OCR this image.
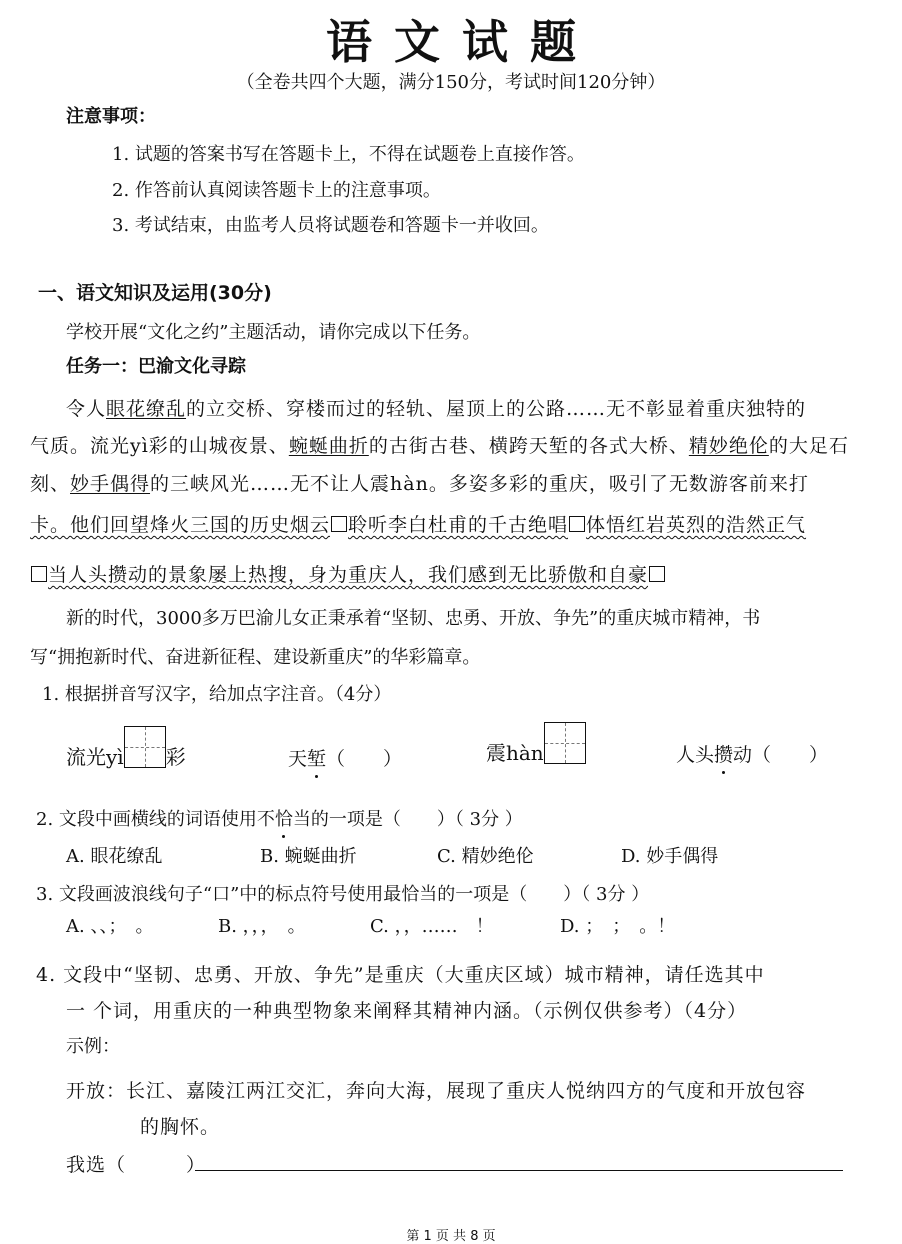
语文试题
（全卷共四个大题，满分150分，考试时间120分钟）
注意事项：
1. 试题的答案书写在答题卡上，不得在试题卷上直接作答。
2. 作答前认真阅读答题卡上的注意事项。
3. 考试结束，由监考人员将试题卷和答题卡一并收回。
一、语文知识及运用(30分)
学校开展“文化之约”主题活动，请你完成以下任务。
任务一：巴渝文化寻踪
令人眼花缭乱的立交桥、穿楼而过的轻轨、屋顶上的公路……无不彰显着重庆独特的
气质。流光yì彩的山城夜景、蜿蜒曲折的古街古巷、横跨天堑的各式大桥、精妙绝伦的大足石
刻、妙手偶得的三峡风光……无不让人震hàn。多姿多彩的重庆，吸引了无数游客前来打
卡。他们回望烽火三国的历史烟云 聆听李白杜甫的千古绝唱 体悟红岩英烈的浩然正气
当人头攒动的景象屡上热搜，身为重庆人，我们感到无比骄傲和自豪
新的时代，3000多万巴渝儿女正秉承着“坚韧、忠勇、开放、争先”的重庆城市精神，书
写“拥抱新时代、奋进新征程、建设新重庆”的华彩篇章。
1. 根据拼音写汉字，给加点字注音。（4分）
流光yì 彩	天堑（　　）	震hàn	人头攒动（　　）
2. 文段中画横线的词语使用不恰当的一项是（　　）（ 3分 ）
A. 眼花缭乱	B. 蜿蜒曲折	C. 精妙绝伦	D. 妙手偶得
3. 文段画波浪线句子“口”中的标点符号使用最恰当的一项是（　　）（ 3分 ）
A. 、、；　。	B. ，，，　。	C. ，，……　！	D. ；　；　。！
4. 文段中“坚韧、忠勇、开放、争先”是重庆（大重庆区域）城市精神，请任选其中
一 个词，用重庆的一种典型物象来阐释其精神内涵。（示例仅供参考）（4分）
示例：
开放：长江、嘉陵江两江交汇，奔向大海，展现了重庆人悦纳四方的气度和开放包容
的胸怀。
我选（　　　）
第 1 页 共 8 页
